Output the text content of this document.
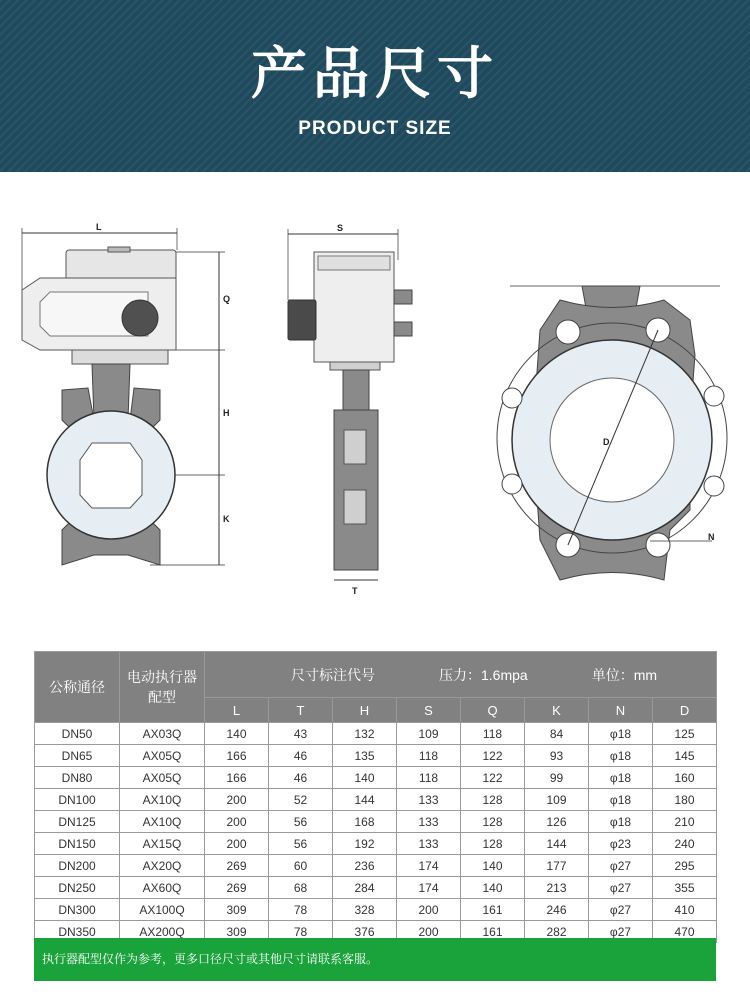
产品尺寸
PRODUCT SIZE
L
Q
H
K
S
T
D
N
公称通径	电动执行器配型	尺寸标注代号 压力：1.6mpa 单位：mm							

		L	T	H	S	Q	K	N	D
DN50	AX03Q	140	43	132	109	118	84	φ18	125
DN65	AX05Q	166	46	135	118	122	93	φ18	145
DN80	AX05Q	166	46	140	118	122	99	φ18	160
DN100	AX10Q	200	52	144	133	128	109	φ18	180
DN125	AX10Q	200	56	168	133	128	126	φ18	210
DN150	AX15Q	200	56	192	133	128	144	φ23	240
DN200	AX20Q	269	60	236	174	140	177	φ27	295
DN250	AX60Q	269	68	284	174	140	213	φ27	355
DN300	AX100Q	309	78	328	200	161	246	φ27	410
DN350	AX200Q	309	78	376	200	161	282	φ27	470
执行器配型仅作为参考，更多口径尺寸或其他尺寸请联系客服。
